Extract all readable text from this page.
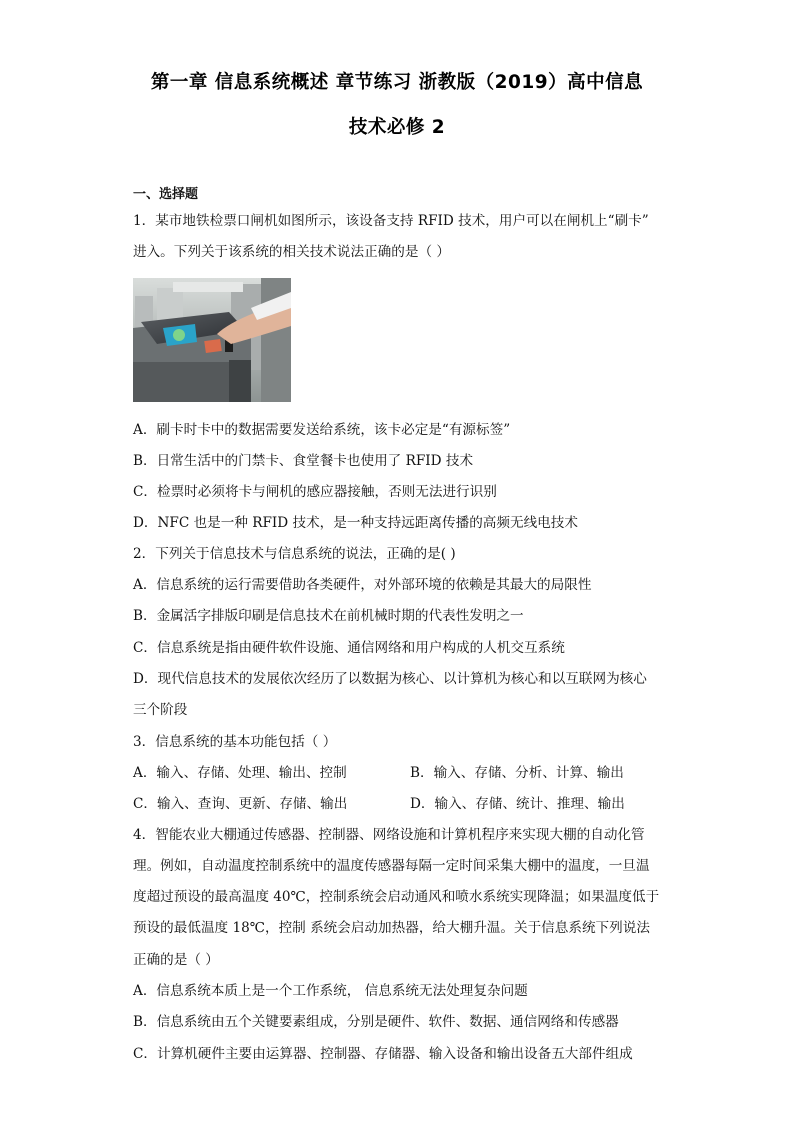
第一章 信息系统概述 章节练习 浙教版（2019）高中信息
技术必修 2
一、选择题
1．某市地铁检票口闸机如图所示，该设备支持 RFID 技术，用户可以在闸机上“刷卡”
进入。下列关于该系统的相关技术说法正确的是（ ）
A．刷卡时卡中的数据需要发送给系统，该卡必定是“有源标签”
B．日常生活中的门禁卡、食堂餐卡也使用了 RFID 技术
C．检票时必须将卡与闸机的感应器接触，否则无法进行识别
D．NFC 也是一种 RFID 技术，是一种支持远距离传播的高频无线电技术
2．下列关于信息技术与信息系统的说法，正确的是( )
A．信息系统的运行需要借助各类硬件，对外部环境的依赖是其最大的局限性
B．金属活字排版印刷是信息技术在前机械时期的代表性发明之一
C．信息系统是指由硬件软件设施、通信网络和用户构成的人机交互系统
D．现代信息技术的发展依次经历了以数据为核心、以计算机为核心和以互联网为核心
三个阶段
3．信息系统的基本功能包括（ ）
A．输入、存储、处理、输出、控制	B．输入、存储、分析、计算、输出
C．输入、查询、更新、存储、输出	D．输入、存储、统计、推理、输出
4．智能农业大棚通过传感器、控制器、网络设施和计算机程序来实现大棚的自动化管
理。例如，自动温度控制系统中的温度传感器每隔一定时间采集大棚中的温度，一旦温
度超过预设的最高温度 40℃，控制系统会启动通风和喷水系统实现降温；如果温度低于
预设的最低温度 18℃，控制 系统会启动加热器，给大棚升温。关于信息系统下列说法
正确的是（ ）
A．信息系统本质上是一个工作系统， 信息系统无法处理复杂问题
B．信息系统由五个关键要素组成，分别是硬件、软件、数据、通信网络和传感器
C．计算机硬件主要由运算器、控制器、存储器、输入设备和输出设备五大部件组成
